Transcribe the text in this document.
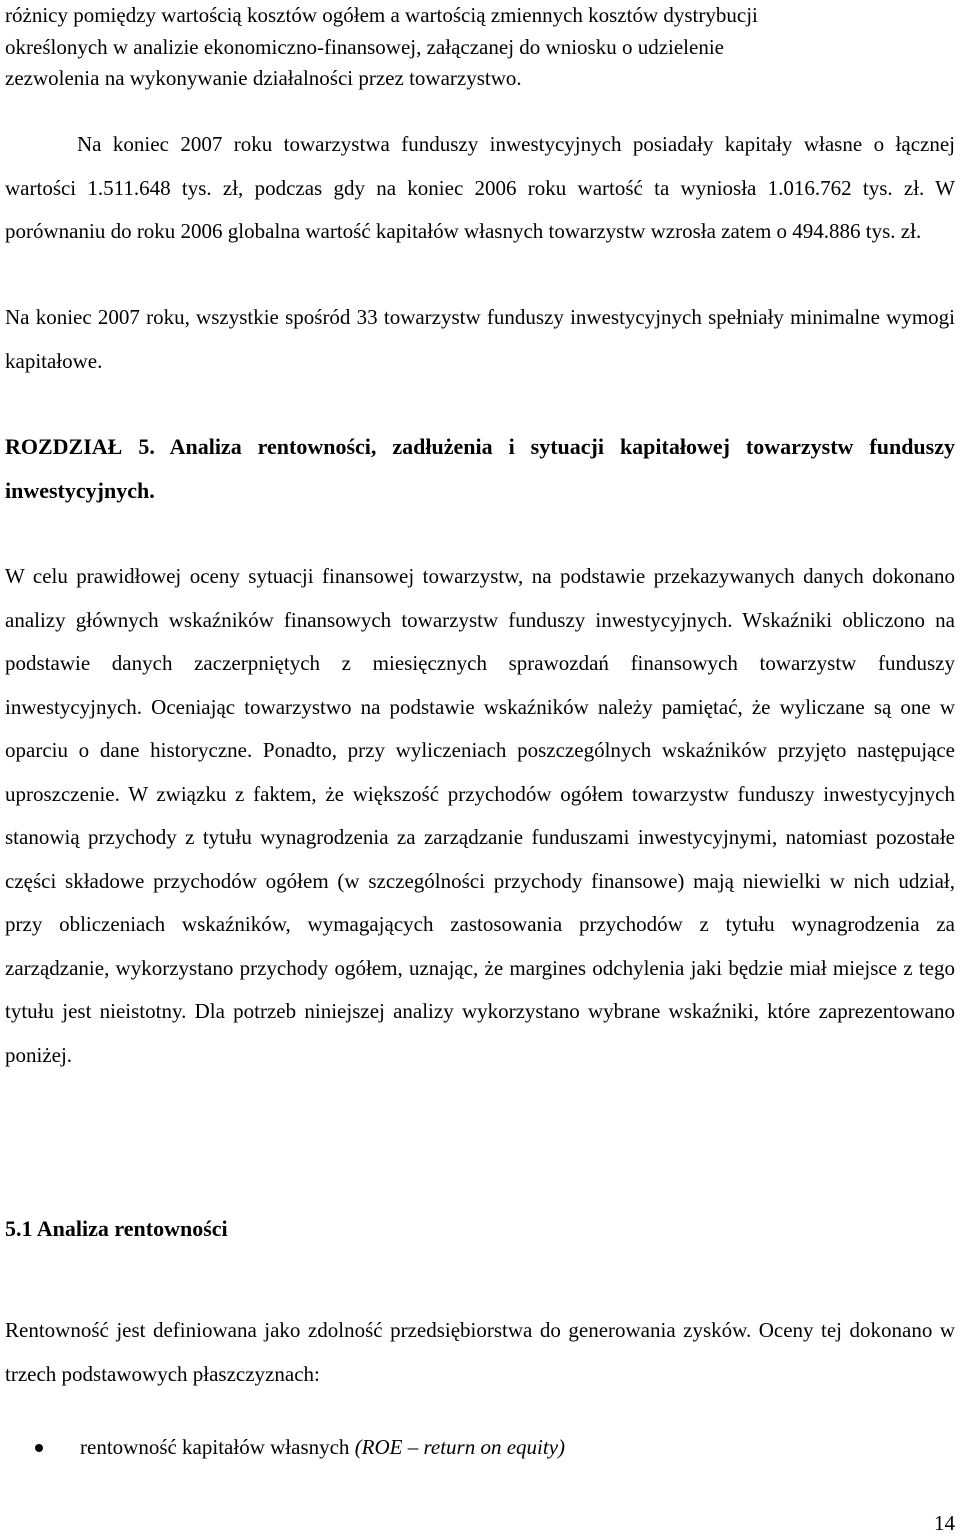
różnicy pomiędzy wartością kosztów ogółem a wartością zmiennych kosztów dystrybucji
określonych w analizie ekonomiczno-finansowej, załączanej do wniosku o udzielenie
zezwolenia na wykonywanie działalności przez towarzystwo.

Na koniec 2007 roku towarzystwa funduszy inwestycyjnych posiadały kapitały własne o łącznej wartości 1.511.648 tys. zł, podczas gdy na koniec 2006 roku wartość ta wyniosła 1.016.762 tys. zł. W porównaniu do roku 2006 globalna wartość kapitałów własnych towarzystw wzrosła zatem o 494.886 tys. zł.

Na koniec 2007 roku, wszystkie spośród 33 towarzystw funduszy inwestycyjnych spełniały minimalne wymogi kapitałowe.

ROZDZIAŁ 5. Analiza rentowności, zadłużenia i sytuacji kapitałowej towarzystw funduszy inwestycyjnych.

W celu prawidłowej oceny sytuacji finansowej towarzystw, na podstawie przekazywanych danych dokonano analizy głównych wskaźników finansowych towarzystw funduszy inwestycyjnych. Wskaźniki obliczono na podstawie danych zaczerpniętych z miesięcznych sprawozdań finansowych towarzystw funduszy inwestycyjnych. Oceniając towarzystwo na podstawie wskaźników należy pamiętać, że wyliczane są one w oparciu o dane historyczne. Ponadto, przy wyliczeniach poszczególnych wskaźników przyjęto następujące uproszczenie. W związku z faktem, że większość przychodów ogółem towarzystw funduszy inwestycyjnych stanowią przychody z tytułu wynagrodzenia za zarządzanie funduszami inwestycyjnymi, natomiast pozostałe części składowe przychodów ogółem (w szczególności przychody finansowe) mają niewielki w nich udział, przy obliczeniach wskaźników, wymagających zastosowania przychodów z tytułu wynagrodzenia za zarządzanie, wykorzystano przychody ogółem, uznając, że margines odchylenia jaki będzie miał miejsce z tego tytułu jest nieistotny. Dla potrzeb niniejszej analizy wykorzystano wybrane wskaźniki, które zaprezentowano poniżej.

5.1 Analiza rentowności

Rentowność jest definiowana jako zdolność przedsiębiorstwa do generowania zysków. Oceny tej dokonano w trzech podstawowych płaszczyznach:

rentowność kapitałów własnych (ROE – return on equity)
14
